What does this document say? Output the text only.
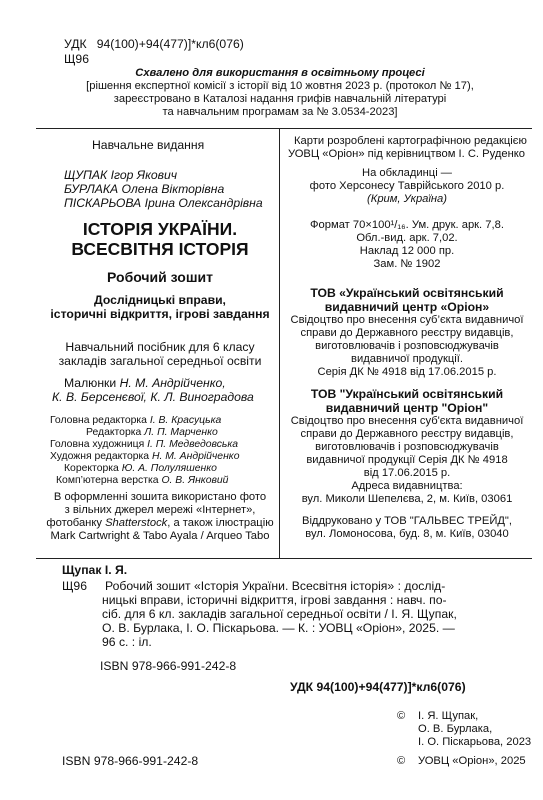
УДК 94(100)+94(477)]*кл6(076)
Щ96
Схвалено для використання в освітньому процесі
[рішення експертної комісії з історії від 10 жовтня 2023 р. (протокол № 17),
зареєстровано в Каталозі надання грифів навчальній літературі
та навчальним програмам за № 3.0534-2023]
Навчальне видання
ЩУПАК Ігор Якович
БУРЛАКА Олена Вікторівна
ПІСКАРЬОВА Ірина Олександрівна
ІСТОРІЯ УКРАЇНИ.
ВСЕСВІТНЯ ІСТОРІЯ
Робочий зошит
Дослідницькі вправи,
історичні відкриття, ігрові завдання
Навчальний посібник для 6 класу
закладів загальної середньої освіти
Малюнки Н. М. Андрійченко,
К. В. Берсенєвої, К. Л. Виноградова
Головна редакторка І. В. Красуцька
Редакторка Л. П. Марченко
Головна художниця І. П. Медведовська
Художня редакторка Н. М. Андрійченко
Коректорка Ю. А. Полуляшенко
Комп’ютерна верстка О. В. Янковий
В оформленні зошита використано фото
з вільних джерел мережі «Інтернет»,
фотобанку Shatterstock, а також ілюстрацію
Mark Cartwright & Tabo Ayala / Arqueo Tabo
Карти розроблені картографічною редакцією
УОВЦ «Оріон» під керівництвом І. С. Руденко
На обкладинці —
фото Херсонесу Таврійського 2010 р.
(Крим, Україна)
Формат 70×100¹/₁₆. Ум. друк. арк. 7,8.
Обл.-вид. арк. 7,02.
Наклад 12 000 пр.
Зам. № 1902
ТОВ «Український освітянський
видавничий центр «Оріон»
Свідоцтво про внесення суб’єкта видавничої
справи до Державного реєстру видавців,
виготовлювачів і розповсюджувачів
видавничої продукції.
Серія ДК № 4918 від 17.06.2015 р.
ТОВ "Український освітянський
видавничий центр "Оріон"
Свідоцтво про внесення суб'єкта видавничої
справи до Державного реєстру видавців,
виготовлювачів і розповсюджувачів
видавничої продукції Серія ДК № 4918
від 17.06.2015 р.
Адреса видавництва:
вул. Миколи Шепелєва, 2, м. Київ, 03061
Віддруковано у ТОВ "ГАЛЬВЕС ТРЕЙД",
вул. Ломоносова, буд. 8, м. Київ, 03040
Щупак І. Я.
Щ96 Робочий зошит «Історія України. Всесвітня історія» : дослід-
ницькі вправи, історичні відкриття, ігрові завдання : навч. по-
сіб. для 6 кл. закладів загальної середньої освіти / І. Я. Щупак,
О. В. Бурлака, І. О. Піскарьова. — К. : УОВЦ «Оріон», 2025. —
96 с. : іл.
ISBN 978-966-991-242-8
УДК 94(100)+94(477)]*кл6(076)
© І. Я. Щупак,
О. В. Бурлака,
І. О. Піскарьова, 2023
© УОВЦ «Оріон», 2025
ISBN 978-966-991-242-8
